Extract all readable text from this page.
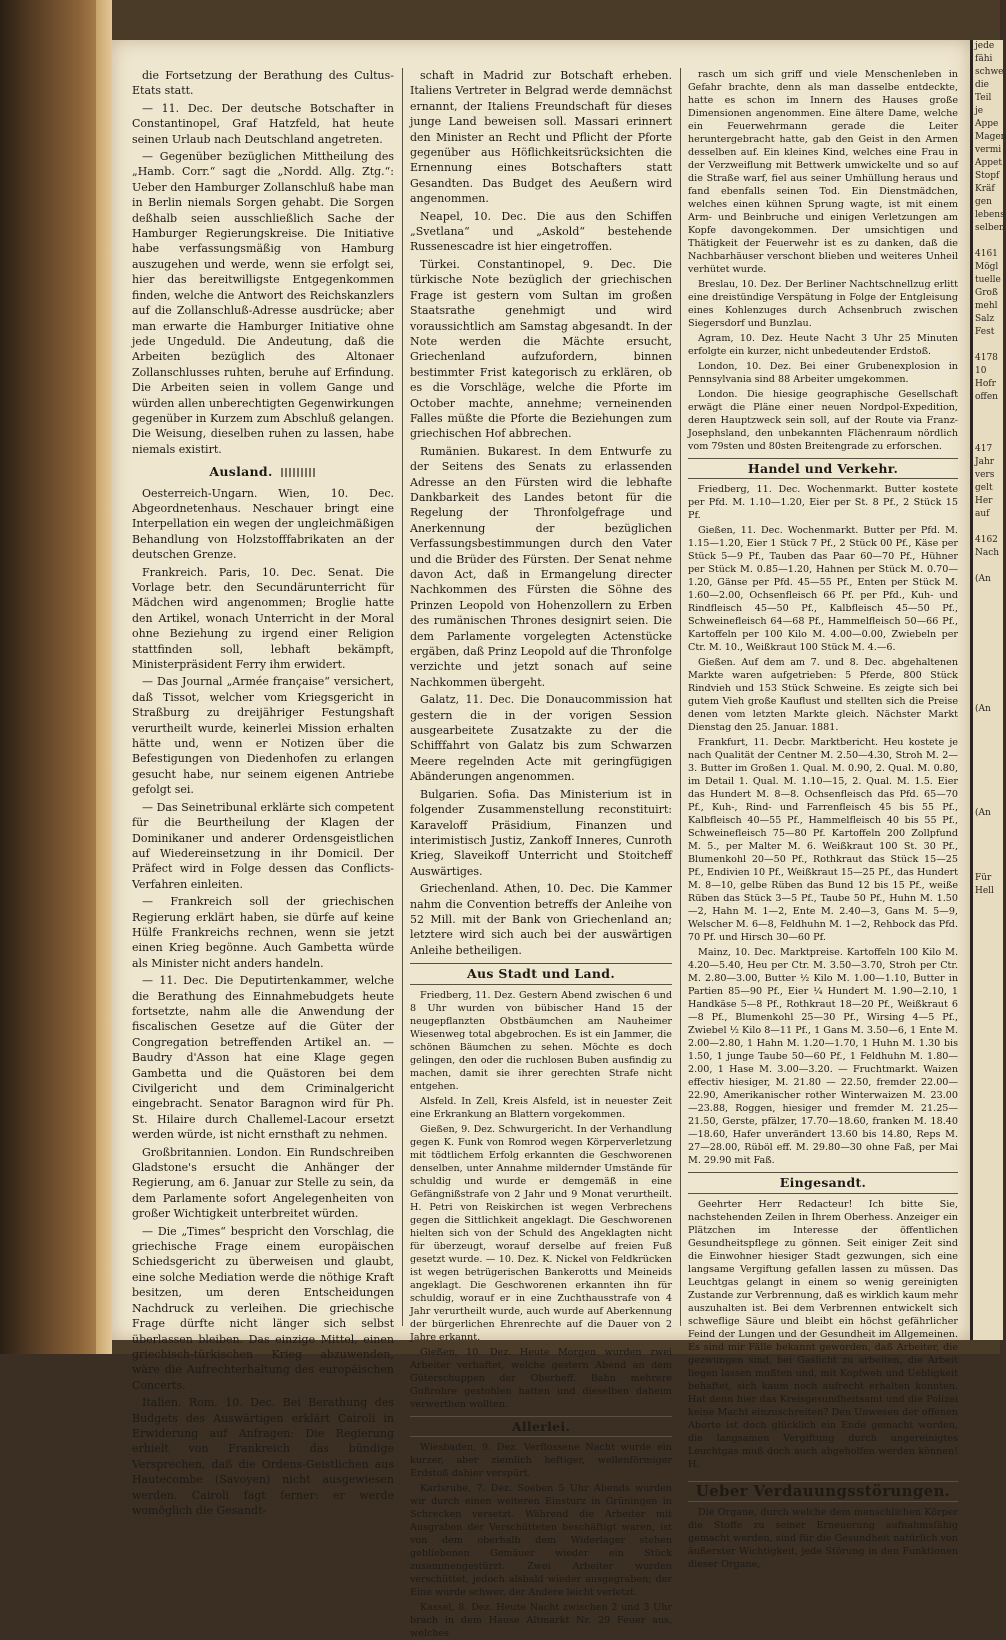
die Fortsetzung der Berathung des Cultus-Etats statt.

— 11. Dec. Der deutsche Botschafter in Constantinopel, Graf Hatzfeld, hat heute seinen Urlaub nach Deutschland angetreten.

— Gegenüber bezüglichen Mittheilung des „Hamb. Corr.“ sagt die „Nordd. Allg. Ztg.“: Ueber den Hamburger Zollanschluß habe man in Berlin niemals Sorgen gehabt. Die Sorgen deßhalb seien ausschließlich Sache der Hamburger Regierungskreise. Die Initiative habe verfassungsmäßig von Hamburg auszugehen und werde, wenn sie erfolgt sei, hier das bereitwilligste Entgegenkommen finden, welche die Antwort des Reichskanzlers auf die Zollanschluß-Adresse ausdrücke; aber man erwarte die Hamburger Initiative ohne jede Ungeduld. Die Andeutung, daß die Arbeiten bezüglich des Altonaer Zollanschlusses ruhten, beruhe auf Erfindung. Die Arbeiten seien in vollem Gange und würden allen unberechtigten Gegenwirkungen gegenüber in Kurzem zum Abschluß gelangen. Die Weisung, dieselben ruhen zu lassen, habe niemals existirt.

Ausland.

Oesterreich-Ungarn. Wien, 10. Dec. Abgeordnetenhaus. Neschauer bringt eine Interpellation ein wegen der ungleichmäßigen Behandlung von Holzstofffabrikaten an der deutschen Grenze.

Frankreich. Paris, 10. Dec. Senat. Die Vorlage betr. den Secundärunterricht für Mädchen wird angenommen; Broglie hatte den Artikel, wonach Unterricht in der Moral ohne Beziehung zu irgend einer Religion stattfinden soll, lebhaft bekämpft, Ministerpräsident Ferry ihm erwidert.

— Das Journal „Armée française“ versichert, daß Tissot, welcher vom Kriegsgericht in Straßburg zu dreijähriger Festungshaft verurtheilt wurde, keinerlei Mission erhalten hätte und, wenn er Notizen über die Befestigungen von Diedenhofen zu erlangen gesucht habe, nur seinem eigenen Antriebe gefolgt sei.

— Das Seinetribunal erklärte sich competent für die Beurtheilung der Klagen der Dominikaner und anderer Ordensgeistlichen auf Wiedereinsetzung in ihr Domicil. Der Präfect wird in Folge dessen das Conflicts-Verfahren einleiten.

— Frankreich soll der griechischen Regierung erklärt haben, sie dürfe auf keine Hülfe Frankreichs rechnen, wenn sie jetzt einen Krieg begönne. Auch Gambetta würde als Minister nicht anders handeln.

— 11. Dec. Die Deputirtenkammer, welche die Berathung des Einnahmebudgets heute fortsetzte, nahm alle die Anwendung der fiscalischen Gesetze auf die Güter der Congregation betreffenden Artikel an. — Baudry d'Asson hat eine Klage gegen Gambetta und die Quästoren bei dem Civilgericht und dem Criminalgericht eingebracht. Senator Baragnon wird für Ph. St. Hilaire durch Challemel-Lacour ersetzt werden würde, ist nicht ernsthaft zu nehmen.

Großbritannien. London. Ein Rundschreiben Gladstone's ersucht die Anhänger der Regierung, am 6. Januar zur Stelle zu sein, da dem Parlamente sofort Angelegenheiten von großer Wichtigkeit unterbreitet würden.

— Die „Times“ bespricht den Vorschlag, die griechische Frage einem europäischen Schiedsgericht zu überweisen und glaubt, eine solche Mediation werde die nöthige Kraft besitzen, um deren Entscheidungen Nachdruck zu verleihen. Die griechische Frage dürfte nicht länger sich selbst überlassen bleiben. Das einzige Mittel, einen griechisch-türkischen Krieg abzuwenden, wäre die Aufrechterhaltung des europäischen Concerts.

Italien. Rom, 10. Dec. Bei Berathung des Budgets des Auswärtigen erklärt Cairoli in Erwiderung auf Anfragen: Die Regierung erhielt von Frankreich das bündige Versprechen, daß die Ordens-Geistlichen aus Hautecombe (Savoyen) nicht ausgewiesen werden. Cairoli fagt ferner: er werde womöglich die Gesandt-

schaft in Madrid zur Botschaft erheben. Italiens Vertreter in Belgrad werde demnächst ernannt, der Italiens Freundschaft für dieses junge Land beweisen soll. Massari erinnert den Minister an Recht und Pflicht der Pforte gegenüber aus Höflichkeitsrücksichten die Ernennung eines Botschafters statt Gesandten. Das Budget des Aeußern wird angenommen.

Neapel, 10. Dec. Die aus den Schiffen „Svetlana“ und „Askold“ bestehende Russenescadre ist hier eingetroffen.

Türkei. Constantinopel, 9. Dec. Die türkische Note bezüglich der griechischen Frage ist gestern vom Sultan im großen Staatsrathe genehmigt und wird voraussichtlich am Samstag abgesandt. In der Note werden die Mächte ersucht, Griechenland aufzufordern, binnen bestimmter Frist kategorisch zu erklären, ob es die Vorschläge, welche die Pforte im October machte, annehme; verneinenden Falles müßte die Pforte die Beziehungen zum griechischen Hof abbrechen.

Rumänien. Bukarest. In dem Entwurfe zu der Seitens des Senats zu erlassenden Adresse an den Fürsten wird die lebhafte Dankbarkeit des Landes betont für die Regelung der Thronfolgefrage und Anerkennung der bezüglichen Verfassungsbestimmungen durch den Vater und die Brüder des Fürsten. Der Senat nehme davon Act, daß in Ermangelung directer Nachkommen des Fürsten die Söhne des Prinzen Leopold von Hohenzollern zu Erben des rumänischen Thrones designirt seien. Die dem Parlamente vorgelegten Actenstücke ergäben, daß Prinz Leopold auf die Thronfolge verzichte und jetzt sonach auf seine Nachkommen übergeht.

Galatz, 11. Dec. Die Donaucommission hat gestern die in der vorigen Session ausgearbeitete Zusatzakte zu der die Schifffahrt von Galatz bis zum Schwarzen Meere regelnden Acte mit geringfügigen Abänderungen angenommen.

Bulgarien. Sofia. Das Ministerium ist in folgender Zusammenstellung reconstituirt: Karaveloff Präsidium, Finanzen und interimistisch Justiz, Zankoff Inneres, Cunroth Krieg, Slaveikoff Unterricht und Stoitcheff Auswärtiges.

Griechenland. Athen, 10. Dec. Die Kammer nahm die Convention betreffs der Anleihe von 52 Mill. mit der Bank von Griechenland an; letztere wird sich auch bei der auswärtigen Anleihe betheiligen.

Aus Stadt und Land.

Friedberg, 11. Dez. Gestern Abend zwischen 6 und 8 Uhr wurden von bübischer Hand 15 der neugepflanzten Obstbäumchen am Nauheimer Wiesenweg total abgebrochen. Es ist ein Jammer, die schönen Bäumchen zu sehen. Möchte es doch gelingen, den oder die ruchlosen Buben ausfindig zu machen, damit sie ihrer gerechten Strafe nicht entgehen.

Alsfeld. In Zell, Kreis Alsfeld, ist in neuester Zeit eine Erkrankung an Blattern vorgekommen.

Gießen, 9. Dez. Schwurgericht. In der Verhandlung gegen K. Funk von Romrod wegen Körperverletzung mit tödtlichem Erfolg erkannten die Geschworenen denselben, unter Annahme mildernder Umstände für schuldig und wurde er demgemäß in eine Gefängnißstrafe von 2 Jahr und 9 Monat verurtheilt. H. Petri von Reiskirchen ist wegen Verbrechens gegen die Sittlichkeit angeklagt. Die Geschworenen hielten sich von der Schuld des Angeklagten nicht für überzeugt, worauf derselbe auf freien Fuß gesetzt wurde. — 10. Dez. K. Nickel von Feldkrücken ist wegen betrügerischen Bankerotts und Meineids angeklagt. Die Geschworenen erkannten ihn für schuldig, worauf er in eine Zuchthausstrafe von 4 Jahr verurtheilt wurde, auch wurde auf Aberkennung der bürgerlichen Ehrenrechte auf die Dauer von 2 Jahre erkannt.

Gießen, 10. Dez. Heute Morgen wurden zwei Arbeiter verhaftet, welche gestern Abend an dem Güterschuppen der Oberheff. Bahn mehrere Gußrohre gestohlen hatten und dieselben daheim verwerthen wollten.

Allerlei.

Wiesbaden, 9. Dez. Verflossene Nacht wurde ein kurzer, aber ziemlich heftiger, wellenförmiger Erdstoß dahier verspürt.

Karlsruhe, 7. Dez. Soeben 5 Uhr Abends wurden wir durch einen weiteren Einsturz in Grüningen in Schrecken versetzt. Während die Arbeiter mit Ausgraben der Verschütteten beschäftigt waren, ist von dem oberhalb dem Widerlager stehen gebliebenen Gemäuer wieder ein Stück zusammengestürzt. Zwei Arbeiter wurden verschüttet, jedoch alsbald wieder ausgegraben; der Eine wurde schwer, der Andere leicht verletzt.

Kassel, 8. Dez. Heute Nacht zwischen 2 und 3 Uhr brach in dem Hause Altmarkt Nr. 29 Feuer aus, welches

rasch um sich griff und viele Menschenleben in Gefahr brachte, denn als man dasselbe entdeckte, hatte es schon im Innern des Hauses große Dimensionen angenommen. Eine ältere Dame, welche ein Feuerwehrmann gerade die Leiter heruntergebracht hatte, gab den Geist in den Armen desselben auf. Ein kleines Kind, welches eine Frau in der Verzweiflung mit Bettwerk umwickelte und so auf die Straße warf, fiel aus seiner Umhüllung heraus und fand ebenfalls seinen Tod. Ein Dienstmädchen, welches einen kühnen Sprung wagte, ist mit einem Arm- und Beinbruche und einigen Verletzungen am Kopfe davongekommen. Der umsichtigen und Thätigkeit der Feuerwehr ist es zu danken, daß die Nachbarhäuser verschont blieben und weiteres Unheil verhütet wurde.

Breslau, 10. Dez. Der Berliner Nachtschnellzug erlitt eine dreistündige Verspätung in Folge der Entgleisung eines Kohlenzuges durch Achsenbruch zwischen Siegersdorf und Bunzlau.

Agram, 10. Dez. Heute Nacht 3 Uhr 25 Minuten erfolgte ein kurzer, nicht unbedeutender Erdstoß.

London, 10. Dez. Bei einer Grubenexplosion in Pennsylvania sind 88 Arbeiter umgekommen.

London. Die hiesige geographische Gesellschaft erwägt die Pläne einer neuen Nordpol-Expedition, deren Hauptzweck sein soll, auf der Route via Franz-Josephsland, den unbekannten Flächenraum nördlich vom 79sten und 80sten Breitengrade zu erforschen.

Handel und Verkehr.

Friedberg, 11. Dec. Wochenmarkt. Butter kostete per Pfd. M. 1.10—1.20, Eier per St. 8 Pf., 2 Stück 15 Pf.

Gießen, 11. Dec. Wochenmarkt. Butter per Pfd. M. 1.15—1.20, Eier 1 Stück 7 Pf., 2 Stück 00 Pf., Käse per Stück 5—9 Pf., Tauben das Paar 60—70 Pf., Hühner per Stück M. 0.85—1.20, Hahnen per Stück M. 0.70—1.20, Gänse per Pfd. 45—55 Pf., Enten per Stück M. 1.60—2.00, Ochsenfleisch 66 Pf. per Pfd., Kuh- und Rindfleisch 45—50 Pf., Kalbfleisch 45—50 Pf., Schweinefleisch 64—68 Pf., Hammelfleisch 50—66 Pf., Kartoffeln per 100 Kilo M. 4.00—0.00, Zwiebeln per Ctr. M. 10., Weißkraut 100 Stück M. 4.—6.

Gießen. Auf dem am 7. und 8. Dec. abgehaltenen Markte waren aufgetrieben: 5 Pferde, 800 Stück Rindvieh und 153 Stück Schweine. Es zeigte sich bei gutem Vieh große Kauflust und stellten sich die Preise denen vom letzten Markte gleich. Nächster Markt Dienstag den 25. Januar. 1881.

Frankfurt, 11. Decbr. Marktbericht. Heu kostete je nach Qualität der Centner M. 2.50—4.30, Stroh M. 2—3. Butter im Großen 1. Qual. M. 0.90, 2. Qual. M. 0.80, im Detail 1. Qual. M. 1.10—15, 2. Qual. M. 1.5. Eier das Hundert M. 8—8. Ochsenfleisch das Pfd. 65—70 Pf., Kuh-, Rind- und Farrenfleisch 45 bis 55 Pf., Kalbfleisch 40—55 Pf., Hammelfleisch 40 bis 55 Pf., Schweinefleisch 75—80 Pf. Kartoffeln 200 Zollpfund M. 5., per Malter M. 6. Weißkraut 100 St. 30 Pf., Blumenkohl 20—50 Pf., Rothkraut das Stück 15—25 Pf., Endivien 10 Pf., Weißkraut 15—25 Pf., das Hundert M. 8—10, gelbe Rüben das Bund 12 bis 15 Pf., weiße Rüben das Stück 3—5 Pf., Taube 50 Pf., Huhn M. 1.50—2, Hahn M. 1—2, Ente M. 2.40—3, Gans M. 5—9, Welscher M. 6—8, Feldhuhn M. 1—2, Rehbock das Pfd. 70 Pf. und Hirsch 30—60 Pf.

Mainz, 10. Dec. Marktpreise. Kartoffeln 100 Kilo M. 4.20—5.40, Heu per Ctr. M. 3.50—3.70, Stroh per Ctr. M. 2.80—3.00, Butter ½ Kilo M. 1.00—1.10, Butter in Partien 85—90 Pf., Eier ¼ Hundert M. 1.90—2.10, 1 Handkäse 5—8 Pf., Rothkraut 18—20 Pf., Weißkraut 6—8 Pf., Blumenkohl 25—30 Pf., Wirsing 4—5 Pf., Zwiebel ½ Kilo 8—11 Pf., 1 Gans M. 3.50—6, 1 Ente M. 2.00—2.80, 1 Hahn M. 1.20—1.70, 1 Huhn M. 1.30 bis 1.50, 1 junge Taube 50—60 Pf., 1 Feldhuhn M. 1.80—2.00, 1 Hase M. 3.00—3.20. — Fruchtmarkt. Waizen effectiv hiesiger, M. 21.80 — 22.50, fremder 22.00—22.90, Amerikanischer rother Winterwaizen M. 23.00—23.88, Roggen, hiesiger und fremder M. 21.25—21.50, Gerste, pfälzer, 17.70—18.60, franken M. 18.40—18.60, Hafer unverändert 13.60 bis 14.80, Reps M. 27—28.00, Rüböl eff. M. 29.80—30 ohne Faß, per Mai M. 29.90 mit Faß.

Eingesandt.

Geehrter Herr Redacteur! Ich bitte Sie, nachstehenden Zeilen in Ihrem Oberhess. Anzeiger ein Plätzchen im Interesse der öffentlichen Gesundheitspflege zu gönnen. Seit einiger Zeit sind die Einwohner hiesiger Stadt gezwungen, sich eine langsame Vergiftung gefallen lassen zu müssen. Das Leuchtgas gelangt in einem so wenig gereinigten Zustande zur Verbrennung, daß es wirklich kaum mehr auszuhalten ist. Bei dem Verbrennen entwickelt sich schweflige Säure und bleibt ein höchst gefährlicher Feind der Lungen und der Gesundheit im Allgemeinen. Es sind mir Fälle bekannt geworden, daß Arbeiter, die gezwungen sind, bei Gaslicht zu arbeiten, die Arbeit liegen lassen mußten und, mit Kopfweh und Uebligkeit behaftet, sich kaum noch aufrecht erhalten konnten. Hat denn hier das Kreisgesundheitsamt und die Polizei keine Macht einzuschreiten? Den Unwesen der offenen Aborte ist doch glücklich ein Ende gemacht worden, die langsamen Vergiftung durch ungereinigtes Leuchtgas muß doch auch abgeholfen werden können! H.

Ueber Verdauungsstörungen.

Die Organe, durch welche dem menschlichen Körper die Stoffe zu seiner Erneuerung aufnahmsfähig gemacht werden, sind für die Gesundheit natürlich von äußerster Wichtigkeit, jede Störung in den Funktionen dieser Organe,

jede
fähi
schwe
die
Teil
je
Appe
Magen
vermi
Appet
Stopf
Kräf
gen
lebens
selben

4161
Mögl
tuelle
Groß
mehl
Salz
Fest

4178
10
Hofr
offen

417
Jahr
vers
gelt
Her
auf

4162
Nach

(An

(An

(An

Für
Hell
